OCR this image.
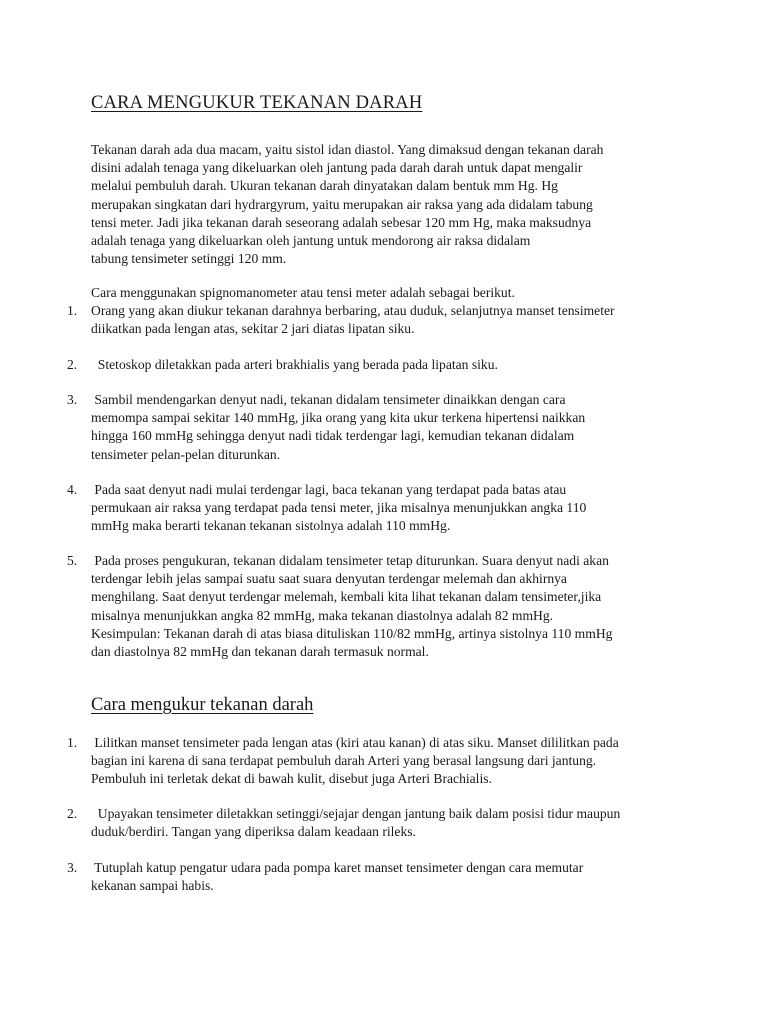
CARA MENGUKUR TEKANAN DARAH
Tekanan darah ada dua macam, yaitu sistol idan diastol. Yang dimaksud dengan tekanan darah
disini adalah tenaga yang dikeluarkan oleh jantung pada darah darah untuk dapat mengalir
melalui pembuluh darah. Ukuran tekanan darah dinyatakan dalam bentuk mm Hg. Hg
merupakan singkatan dari hydrargyrum, yaitu merupakan air raksa yang ada didalam tabung
tensi meter. Jadi jika tekanan darah seseorang adalah sebesar 120 mm Hg, maka maksudnya
adalah tenaga yang dikeluarkan oleh jantung untuk mendorong air raksa didalam
tabung tensimeter setinggi 120 mm.
Cara menggunakan spignomanometer atau tensi meter adalah sebagai berikut.
1. Orang yang akan diukur tekanan darahnya berbaring, atau duduk, selanjutnya manset tensimeter
diikatkan pada lengan atas, sekitar 2 jari diatas lipatan siku.
2. Stetoskop diletakkan pada arteri brakhialis yang berada pada lipatan siku.
3. Sambil mendengarkan denyut nadi, tekanan didalam tensimeter dinaikkan dengan cara
memompa sampai sekitar 140 mmHg, jika orang yang kita ukur terkena hipertensi naikkan
hingga 160 mmHg sehingga denyut nadi tidak terdengar lagi, kemudian tekanan didalam
tensimeter pelan-pelan diturunkan.
4. Pada saat denyut nadi mulai terdengar lagi, baca tekanan yang terdapat pada batas atau
permukaan air raksa yang terdapat pada tensi meter, jika misalnya menunjukkan angka 110
mmHg maka berarti tekanan tekanan sistolnya adalah 110 mmHg.
5. Pada proses pengukuran, tekanan didalam tensimeter tetap diturunkan. Suara denyut nadi akan
terdengar lebih jelas sampai suatu saat suara denyutan terdengar melemah dan akhirnya
menghilang. Saat denyut terdengar melemah, kembali kita lihat tekanan dalam tensimeter,jika
misalnya menunjukkan angka 82 mmHg, maka tekanan diastolnya adalah 82 mmHg.
Kesimpulan: Tekanan darah di atas biasa dituliskan 110/82 mmHg, artinya sistolnya 110 mmHg
dan diastolnya 82 mmHg dan tekanan darah termasuk normal.
Cara mengukur tekanan darah
1. Lilitkan manset tensimeter pada lengan atas (kiri atau kanan) di atas siku. Manset dililitkan pada
bagian ini karena di sana terdapat pembuluh darah Arteri yang berasal langsung dari jantung.
Pembuluh ini terletak dekat di bawah kulit, disebut juga Arteri Brachialis.
2. Upayakan tensimeter diletakkan setinggi/sejajar dengan jantung baik dalam posisi tidur maupun
duduk/berdiri. Tangan yang diperiksa dalam keadaan rileks.
3. Tutuplah katup pengatur udara pada pompa karet manset tensimeter dengan cara memutar
kekanan sampai habis.
